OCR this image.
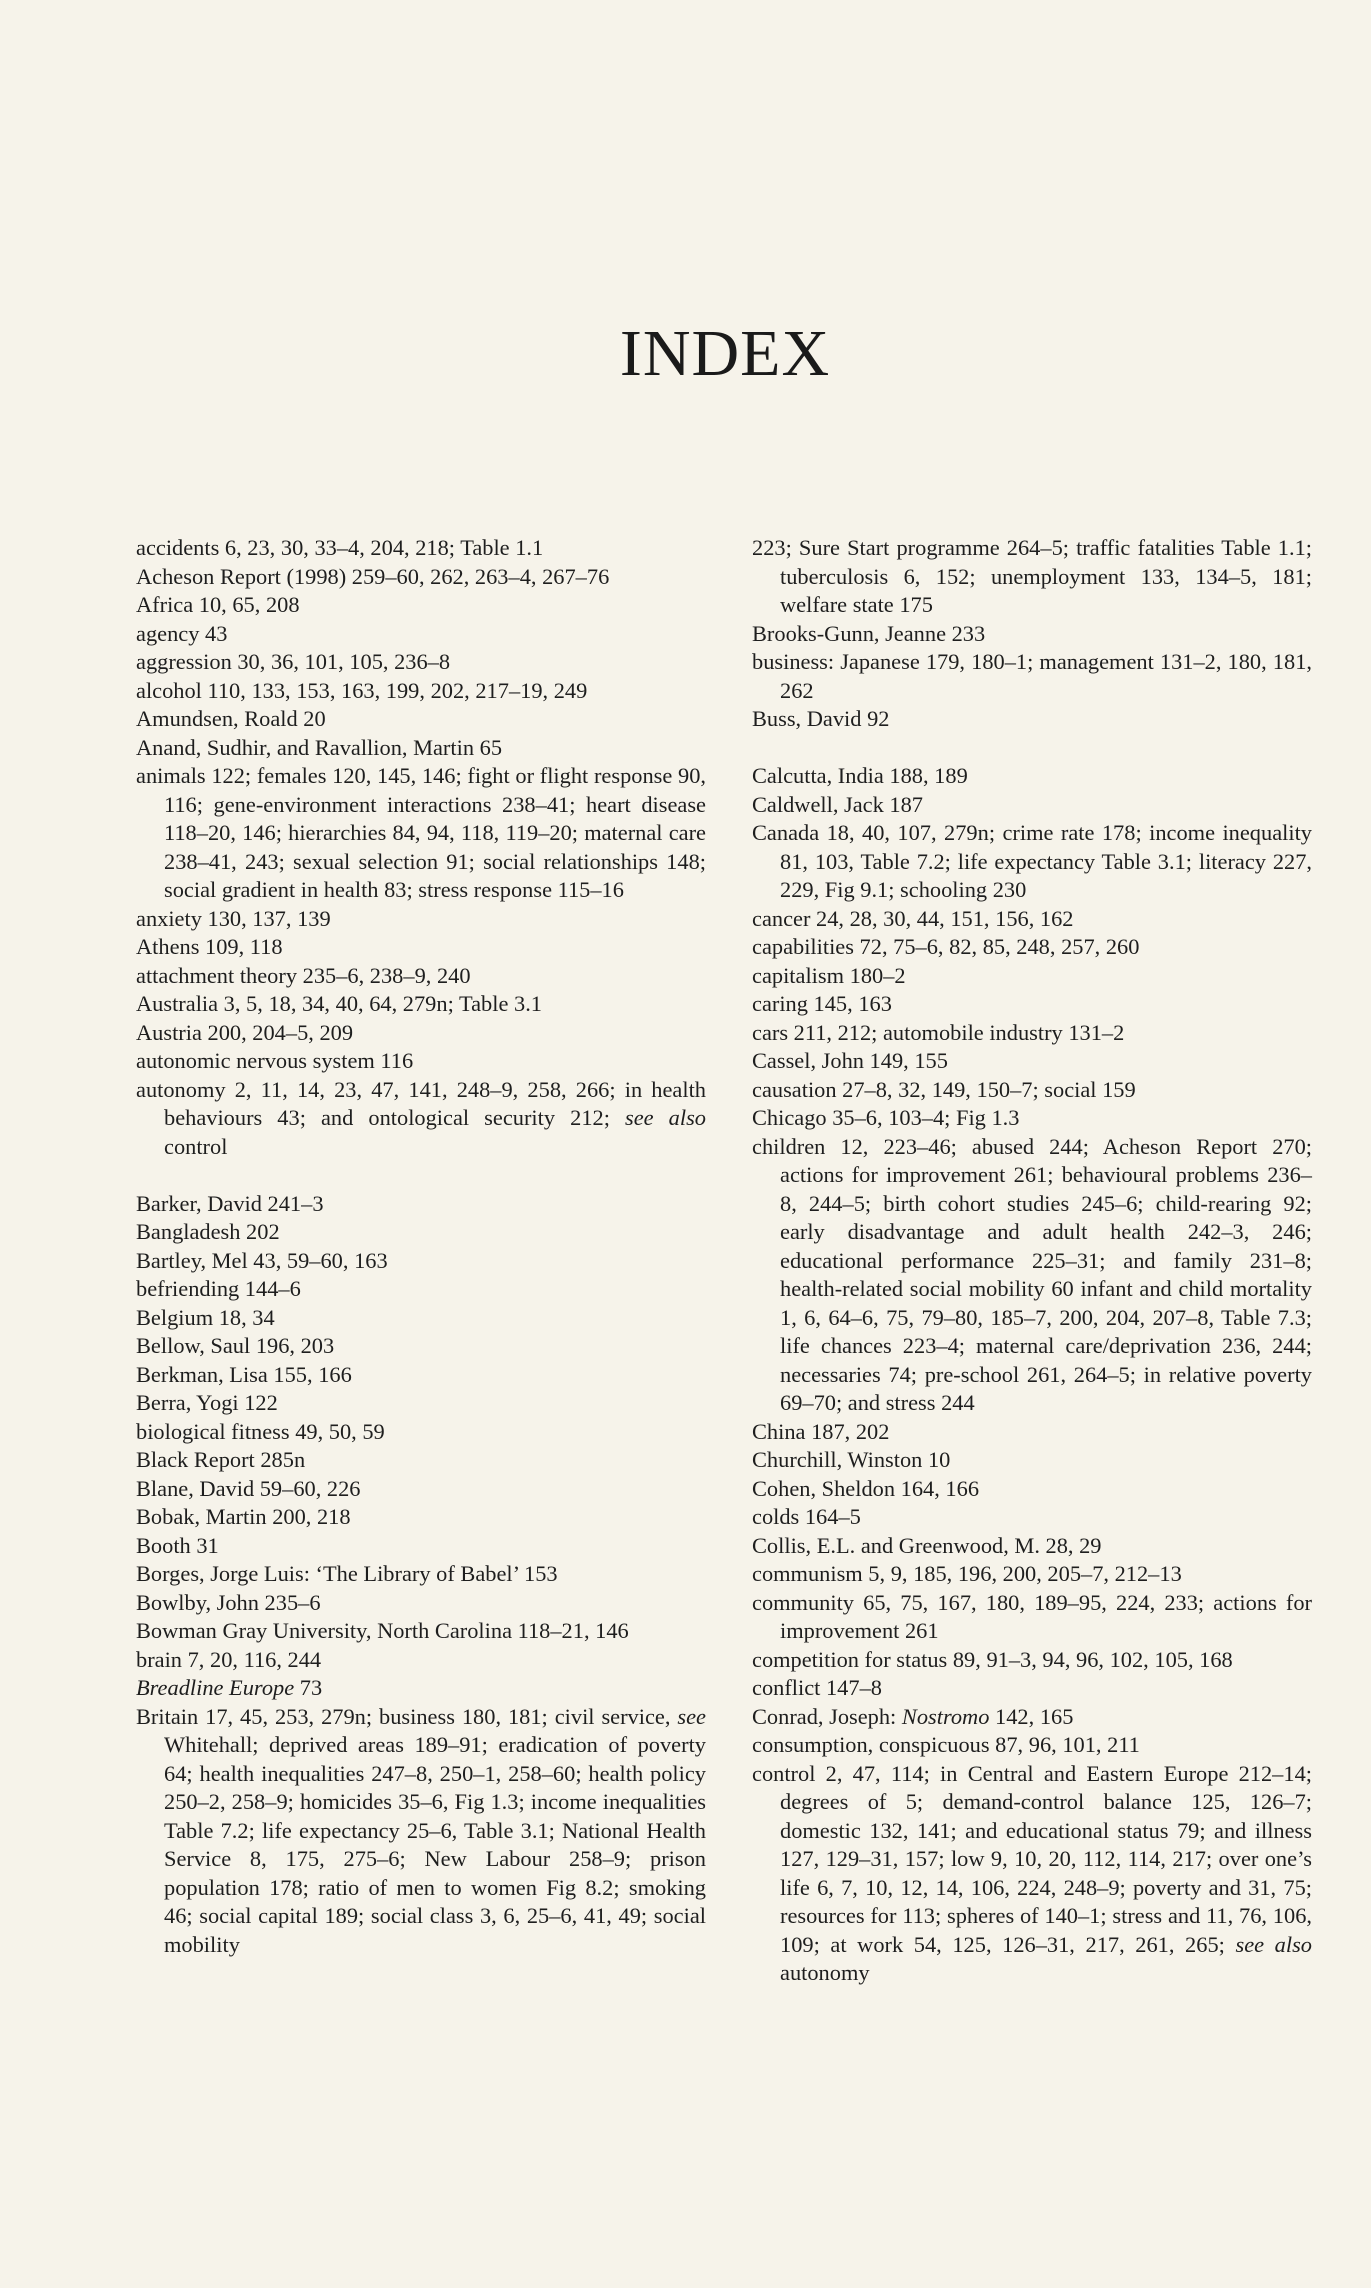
INDEX

accidents 6, 23, 30, 33–4, 204, 218; Table 1.1

Acheson Report (1998) 259–60, 262, 263–4, 267–76

Africa 10, 65, 208

agency 43

aggression 30, 36, 101, 105, 236–8

alcohol 110, 133, 153, 163, 199, 202, 217–19, 249

Amundsen, Roald 20

Anand, Sudhir, and Ravallion, Martin 65

animals 122; females 120, 145, 146; fight or flight response 90, 116; gene-environment interactions 238–41; heart disease 118–20, 146; hierarchies 84, 94, 118, 119–20; maternal care 238–41, 243; sexual selection 91; social relationships 148; social gradient in health 83; stress response 115–16

anxiety 130, 137, 139

Athens 109, 118

attachment theory 235–6, 238–9, 240

Australia 3, 5, 18, 34, 40, 64, 279n; Table 3.1

Austria 200, 204–5, 209

autonomic nervous system 116

autonomy 2, 11, 14, 23, 47, 141, 248–9, 258, 266; in health behaviours 43; and ontological security 212; see also control

Barker, David 241–3

Bangladesh 202

Bartley, Mel 43, 59–60, 163

befriending 144–6

Belgium 18, 34

Bellow, Saul 196, 203

Berkman, Lisa 155, 166

Berra, Yogi 122

biological fitness 49, 50, 59

Black Report 285n

Blane, David 59–60, 226

Bobak, Martin 200, 218

Booth 31

Borges, Jorge Luis: ‘The Library of Babel’ 153

Bowlby, John 235–6

Bowman Gray University, North Carolina 118–21, 146

brain 7, 20, 116, 244

Breadline Europe 73

Britain 17, 45, 253, 279n; business 180, 181; civil service, see Whitehall; deprived areas 189–91; eradication of poverty 64; health inequalities 247–8, 250–1, 258–60; health policy 250–2, 258–9; homicides 35–6, Fig 1.3; income inequalities Table 7.2; life expectancy 25–6, Table 3.1; National Health Service 8, 175, 275–6; New Labour 258–9; prison population 178; ratio of men to women Fig 8.2; smoking 46; social capital 189; social class 3, 6, 25–6, 41, 49; social mobility

223; Sure Start programme 264–5; traffic fatalities Table 1.1; tuberculosis 6, 152; unemployment 133, 134–5, 181; welfare state 175

Brooks-Gunn, Jeanne 233

business: Japanese 179, 180–1; management 131–2, 180, 181, 262

Buss, David 92

Calcutta, India 188, 189

Caldwell, Jack 187

Canada 18, 40, 107, 279n; crime rate 178; income inequality 81, 103, Table 7.2; life expectancy Table 3.1; literacy 227, 229, Fig 9.1; schooling 230

cancer 24, 28, 30, 44, 151, 156, 162

capabilities 72, 75–6, 82, 85, 248, 257, 260

capitalism 180–2

caring 145, 163

cars 211, 212; automobile industry 131–2

Cassel, John 149, 155

causation 27–8, 32, 149, 150–7; social 159

Chicago 35–6, 103–4; Fig 1.3

children 12, 223–46; abused 244; Acheson Report 270; actions for improvement 261; behavioural problems 236–8, 244–5; birth cohort studies 245–6; child-rearing 92; early disadvantage and adult health 242–3, 246; educational performance 225–31; and family 231–8; health-related social mobility 60 infant and child mortality 1, 6, 64–6, 75, 79–80, 185–7, 200, 204, 207–8, Table 7.3; life chances 223–4; maternal care/deprivation 236, 244; necessaries 74; pre-school 261, 264–5; in relative poverty 69–70; and stress 244

China 187, 202

Churchill, Winston 10

Cohen, Sheldon 164, 166

colds 164–5

Collis, E.L. and Greenwood, M. 28, 29

communism 5, 9, 185, 196, 200, 205–7, 212–13

community 65, 75, 167, 180, 189–95, 224, 233; actions for improvement 261

competition for status 89, 91–3, 94, 96, 102, 105, 168

conflict 147–8

Conrad, Joseph: Nostromo 142, 165

consumption, conspicuous 87, 96, 101, 211

control 2, 47, 114; in Central and Eastern Europe 212–14; degrees of 5; demand-control balance 125, 126–7; domestic 132, 141; and educational status 79; and illness 127, 129–31, 157; low 9, 10, 20, 112, 114, 217; over one’s life 6, 7, 10, 12, 14, 106, 224, 248–9; poverty and 31, 75; resources for 113; spheres of 140–1; stress and 11, 76, 106, 109; at work 54, 125, 126–31, 217, 261, 265; see also autonomy
